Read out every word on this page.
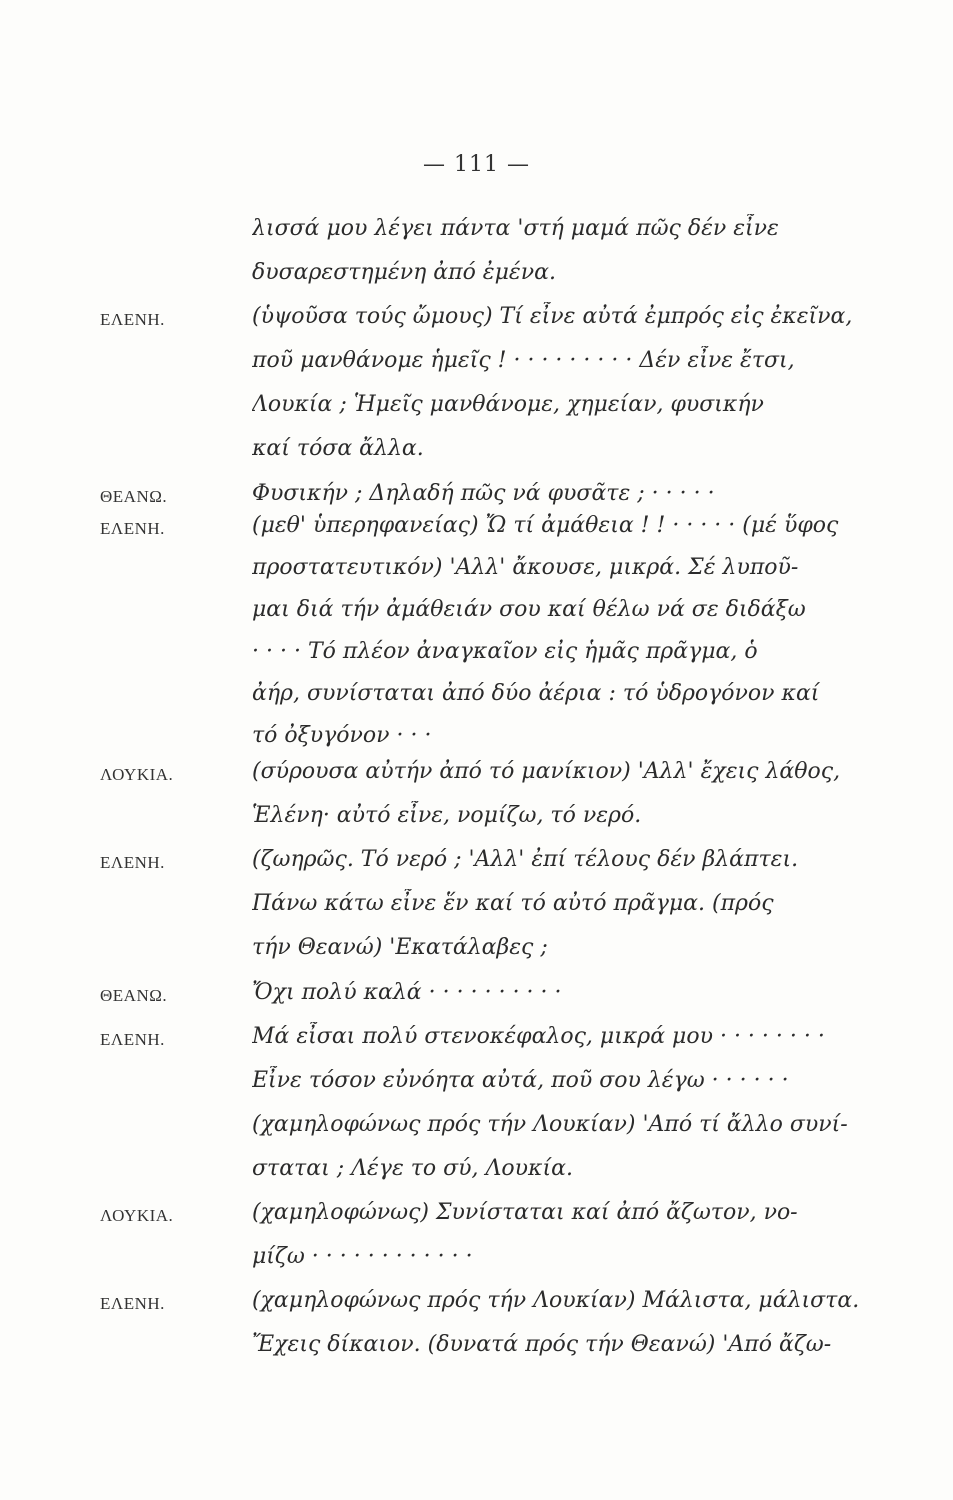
— 111 —
λισσά μου λέγει πάντα 'στή μαμά πῶς δέν εἶνε
δυσαρεστημένη ἀπό ἐμένα.
ΕΛΕΝΗ.	(ὑψοῦσα τούς ὤμους) Τί εἶνε αὐτά ἐμπρός εἰς ἐκεῖνα,
ποῦ μανθάνομε ἡμεῖς ! · · · · · · · · · Δέν εἶνε ἔτσι,
Λουκία ; Ἡμεῖς μανθάνομε, χημείαν, φυσικήν
καί τόσα ἄλλα.
ΘΕΑΝΩ.	Φυσικήν ; Δηλαδή πῶς νά φυσᾶτε ; · · · · ·
ΕΛΕΝΗ.	(μεθ' ὑπερηφανείας) Ὤ τί ἀμάθεια ! ! · · · · · (μέ ὕφος
προστατευτικόν) 'Αλλ' ἄκουσε, μικρά. Σέ λυποῦ-
μαι διά τήν ἀμάθειάν σου καί θέλω νά σε διδάξω
· · · · Τό πλέον ἀναγκαῖον εἰς ἡμᾶς πρᾶγμα, ὁ
ἀήρ, συνίσταται ἀπό δύο ἀέρια : τό ὑδρογόνον καί
τό ὀξυγόνον · · ·
ΛΟΥΚΙΑ.	(σύρουσα αὐτήν ἀπό τό μανίκιον) 'Αλλ' ἔχεις λάθος,
Ἑλένη· αὐτό εἶνε, νομίζω, τό νερό.
ΕΛΕΝΗ.	(ζωηρῶς. Τό νερό ; 'Αλλ' ἐπί τέλους δέν βλάπτει.
Πάνω κάτω εἶνε ἕν καί τό αὐτό πρᾶγμα. (πρός
τήν Θεανώ) 'Εκατάλαβες ;
ΘΕΑΝΩ.	Ὄχι πολύ καλά · · · · · · · · · ·
ΕΛΕΝΗ.	Μά εἶσαι πολύ στενοκέφαλος, μικρά μου · · · · · · · ·
Εἶνε τόσον εὐνόητα αὐτά, ποῦ σου λέγω · · · · · ·
(χαμηλοφώνως πρός τήν Λουκίαν) 'Από τί ἄλλο συνί-
σταται ; Λέγε το σύ, Λουκία.
ΛΟΥΚΙΑ.	(χαμηλοφώνως) Συνίσταται καί ἀπό ἄζωτον, νο-
μίζω · · · · · · · · · · · ·
ΕΛΕΝΗ.	(χαμηλοφώνως πρός τήν Λουκίαν) Μάλιστα, μάλιστα.
Ἔχεις δίκαιον. (δυνατά πρός τήν Θεανώ) 'Από ἄζω-
